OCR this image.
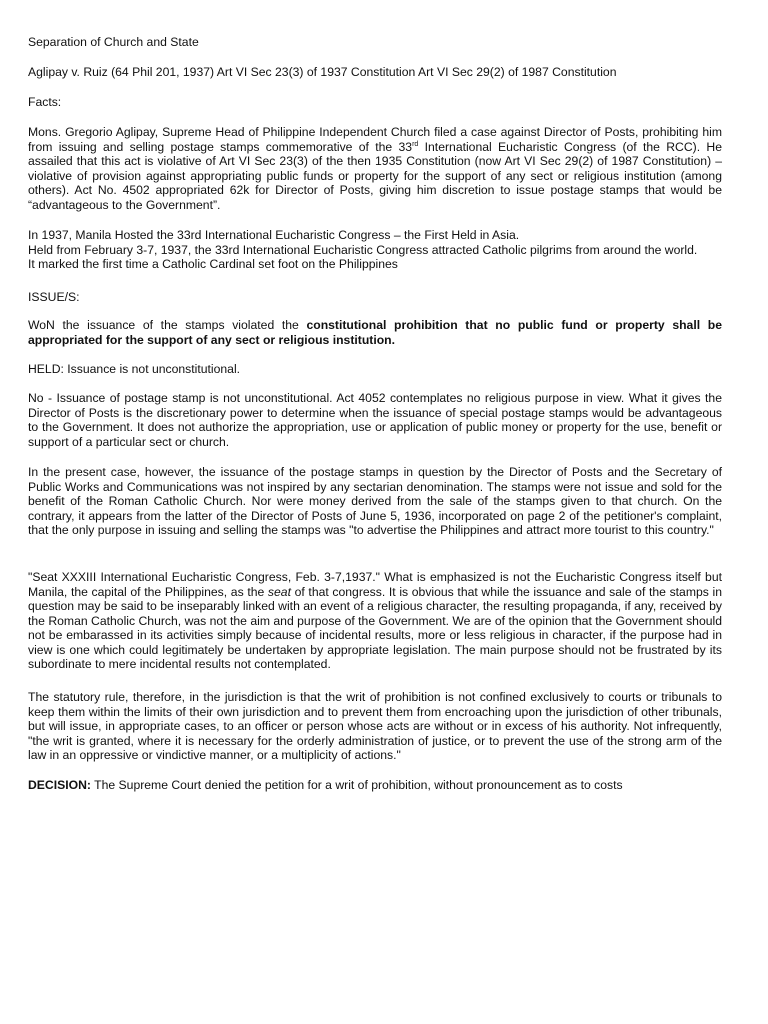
Separation of Church and State

Aglipay v. Ruiz (64 Phil 201, 1937) Art VI Sec 23(3) of 1937 Constitution Art VI Sec 29(2) of 1987 Constitution

Facts:

Mons. Gregorio Aglipay, Supreme Head of Philippine Independent Church filed a case against Director of Posts, prohibiting him from issuing and selling postage stamps commemorative of the 33rd International Eucharistic Congress (of the RCC). He assailed that this act is violative of Art VI Sec 23(3) of the then 1935 Constitution (now Art VI Sec 29(2) of 1987 Constitution) – violative of provision against appropriating public funds or property for the support of any sect or religious institution (among others). Act No. 4502 appropriated 62k for Director of Posts, giving him discretion to issue postage stamps that would be “advantageous to the Government”.

In 1937, Manila Hosted the 33rd International Eucharistic Congress – the First Held in Asia.
Held from February 3-7, 1937, the 33rd International Eucharistic Congress attracted Catholic pilgrims from around the world.
It marked the first time a Catholic Cardinal set foot on the Philippines

ISSUE/S:

WoN the issuance of the stamps violated the constitutional prohibition that no public fund or property shall be appropriated for the support of any sect or religious institution.

HELD: Issuance is not unconstitutional.

No - Issuance of postage stamp is not unconstitutional. Act 4052 contemplates no religious purpose in view. What it gives the Director of Posts is the discretionary power to determine when the issuance of special postage stamps would be advantageous to the Government. It does not authorize the appropriation, use or application of public money or property for the use, benefit or support of a particular sect or church.

In the present case, however, the issuance of the postage stamps in question by the Director of Posts and the Secretary of Public Works and Communications was not inspired by any sectarian denomination. The stamps were not issue and sold for the benefit of the Roman Catholic Church. Nor were money derived from the sale of the stamps given to that church. On the contrary, it appears from the latter of the Director of Posts of June 5, 1936, incorporated on page 2 of the petitioner's complaint, that the only purpose in issuing and selling the stamps was "to advertise the Philippines and attract more tourist to this country."

"Seat XXXIII International Eucharistic Congress, Feb. 3-7,1937." What is emphasized is not the Eucharistic Congress itself but Manila, the capital of the Philippines, as the seat of that congress. It is obvious that while the issuance and sale of the stamps in question may be said to be inseparably linked with an event of a religious character, the resulting propaganda, if any, received by the Roman Catholic Church, was not the aim and purpose of the Government. We are of the opinion that the Government should not be embarassed in its activities simply because of incidental results, more or less religious in character, if the purpose had in view is one which could legitimately be undertaken by appropriate legislation. The main purpose should not be frustrated by its subordinate to mere incidental results not contemplated.

The statutory rule, therefore, in the jurisdiction is that the writ of prohibition is not confined exclusively to courts or tribunals to keep them within the limits of their own jurisdiction and to prevent them from encroaching upon the jurisdiction of other tribunals, but will issue, in appropriate cases, to an officer or person whose acts are without or in excess of his authority. Not infrequently, "the writ is granted, where it is necessary for the orderly administration of justice, or to prevent the use of the strong arm of the law in an oppressive or vindictive manner, or a multiplicity of actions."

DECISION: The Supreme Court denied the petition for a writ of prohibition, without pronouncement as to costs
